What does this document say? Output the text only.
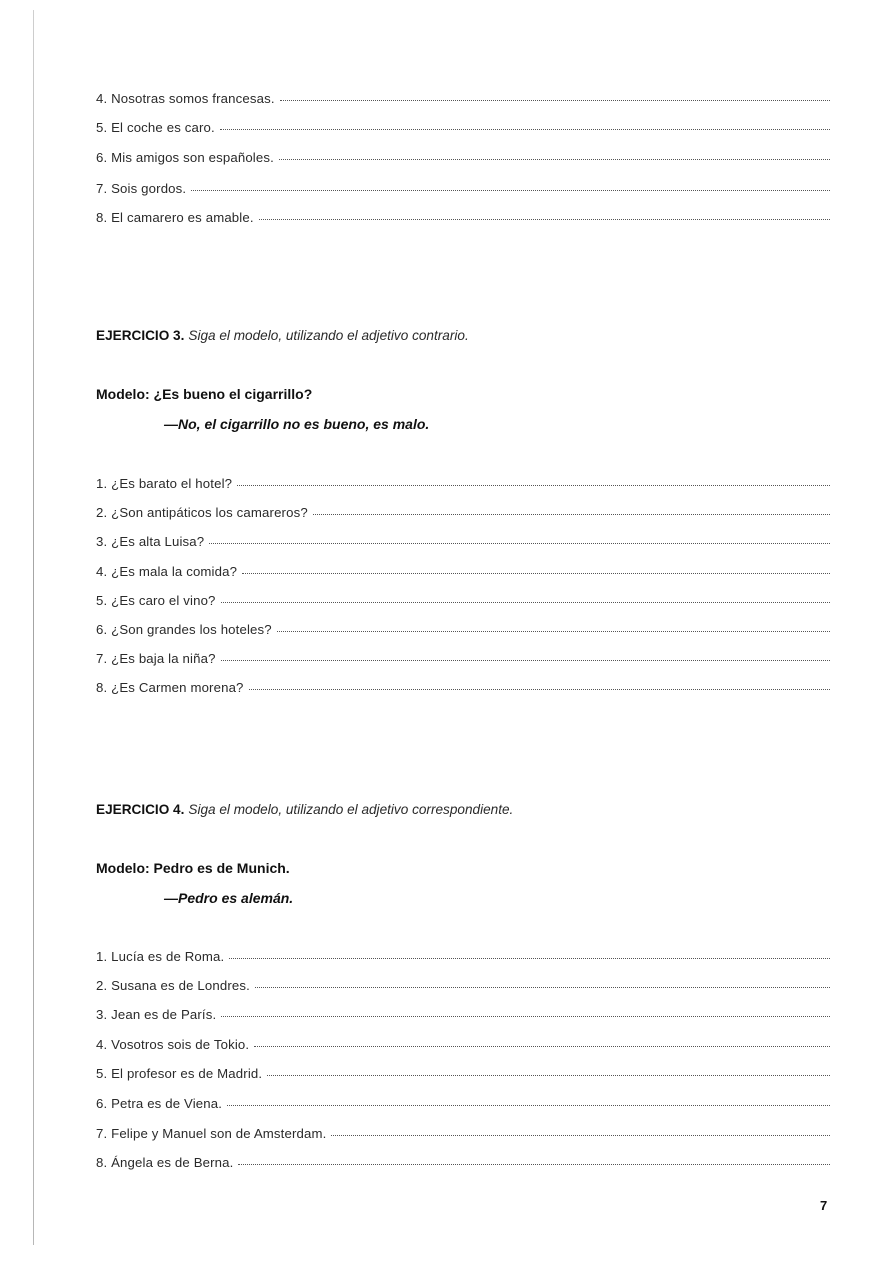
4. Nosotras somos francesas.
5. El coche es caro.
6. Mis amigos son españoles.
7. Sois gordos.
8. El camarero es amable.
EJERCICIO 3. Siga el modelo, utilizando el adjetivo contrario.
Modelo: ¿Es bueno el cigarrillo?
—No, el cigarrillo no es bueno, es malo.
1. ¿Es barato el hotel?
2. ¿Son antipáticos los camareros?
3. ¿Es alta Luisa?
4. ¿Es mala la comida?
5. ¿Es caro el vino?
6. ¿Son grandes los hoteles?
7. ¿Es baja la niña?
8. ¿Es Carmen morena?
EJERCICIO 4. Siga el modelo, utilizando el adjetivo correspondiente.
Modelo: Pedro es de Munich.
—Pedro es alemán.
1. Lucía es de Roma.
2. Susana es de Londres.
3. Jean es de París.
4. Vosotros sois de Tokio.
5. El profesor es de Madrid.
6. Petra es de Viena.
7. Felipe y Manuel son de Amsterdam.
8. Ángela es de Berna.
7
